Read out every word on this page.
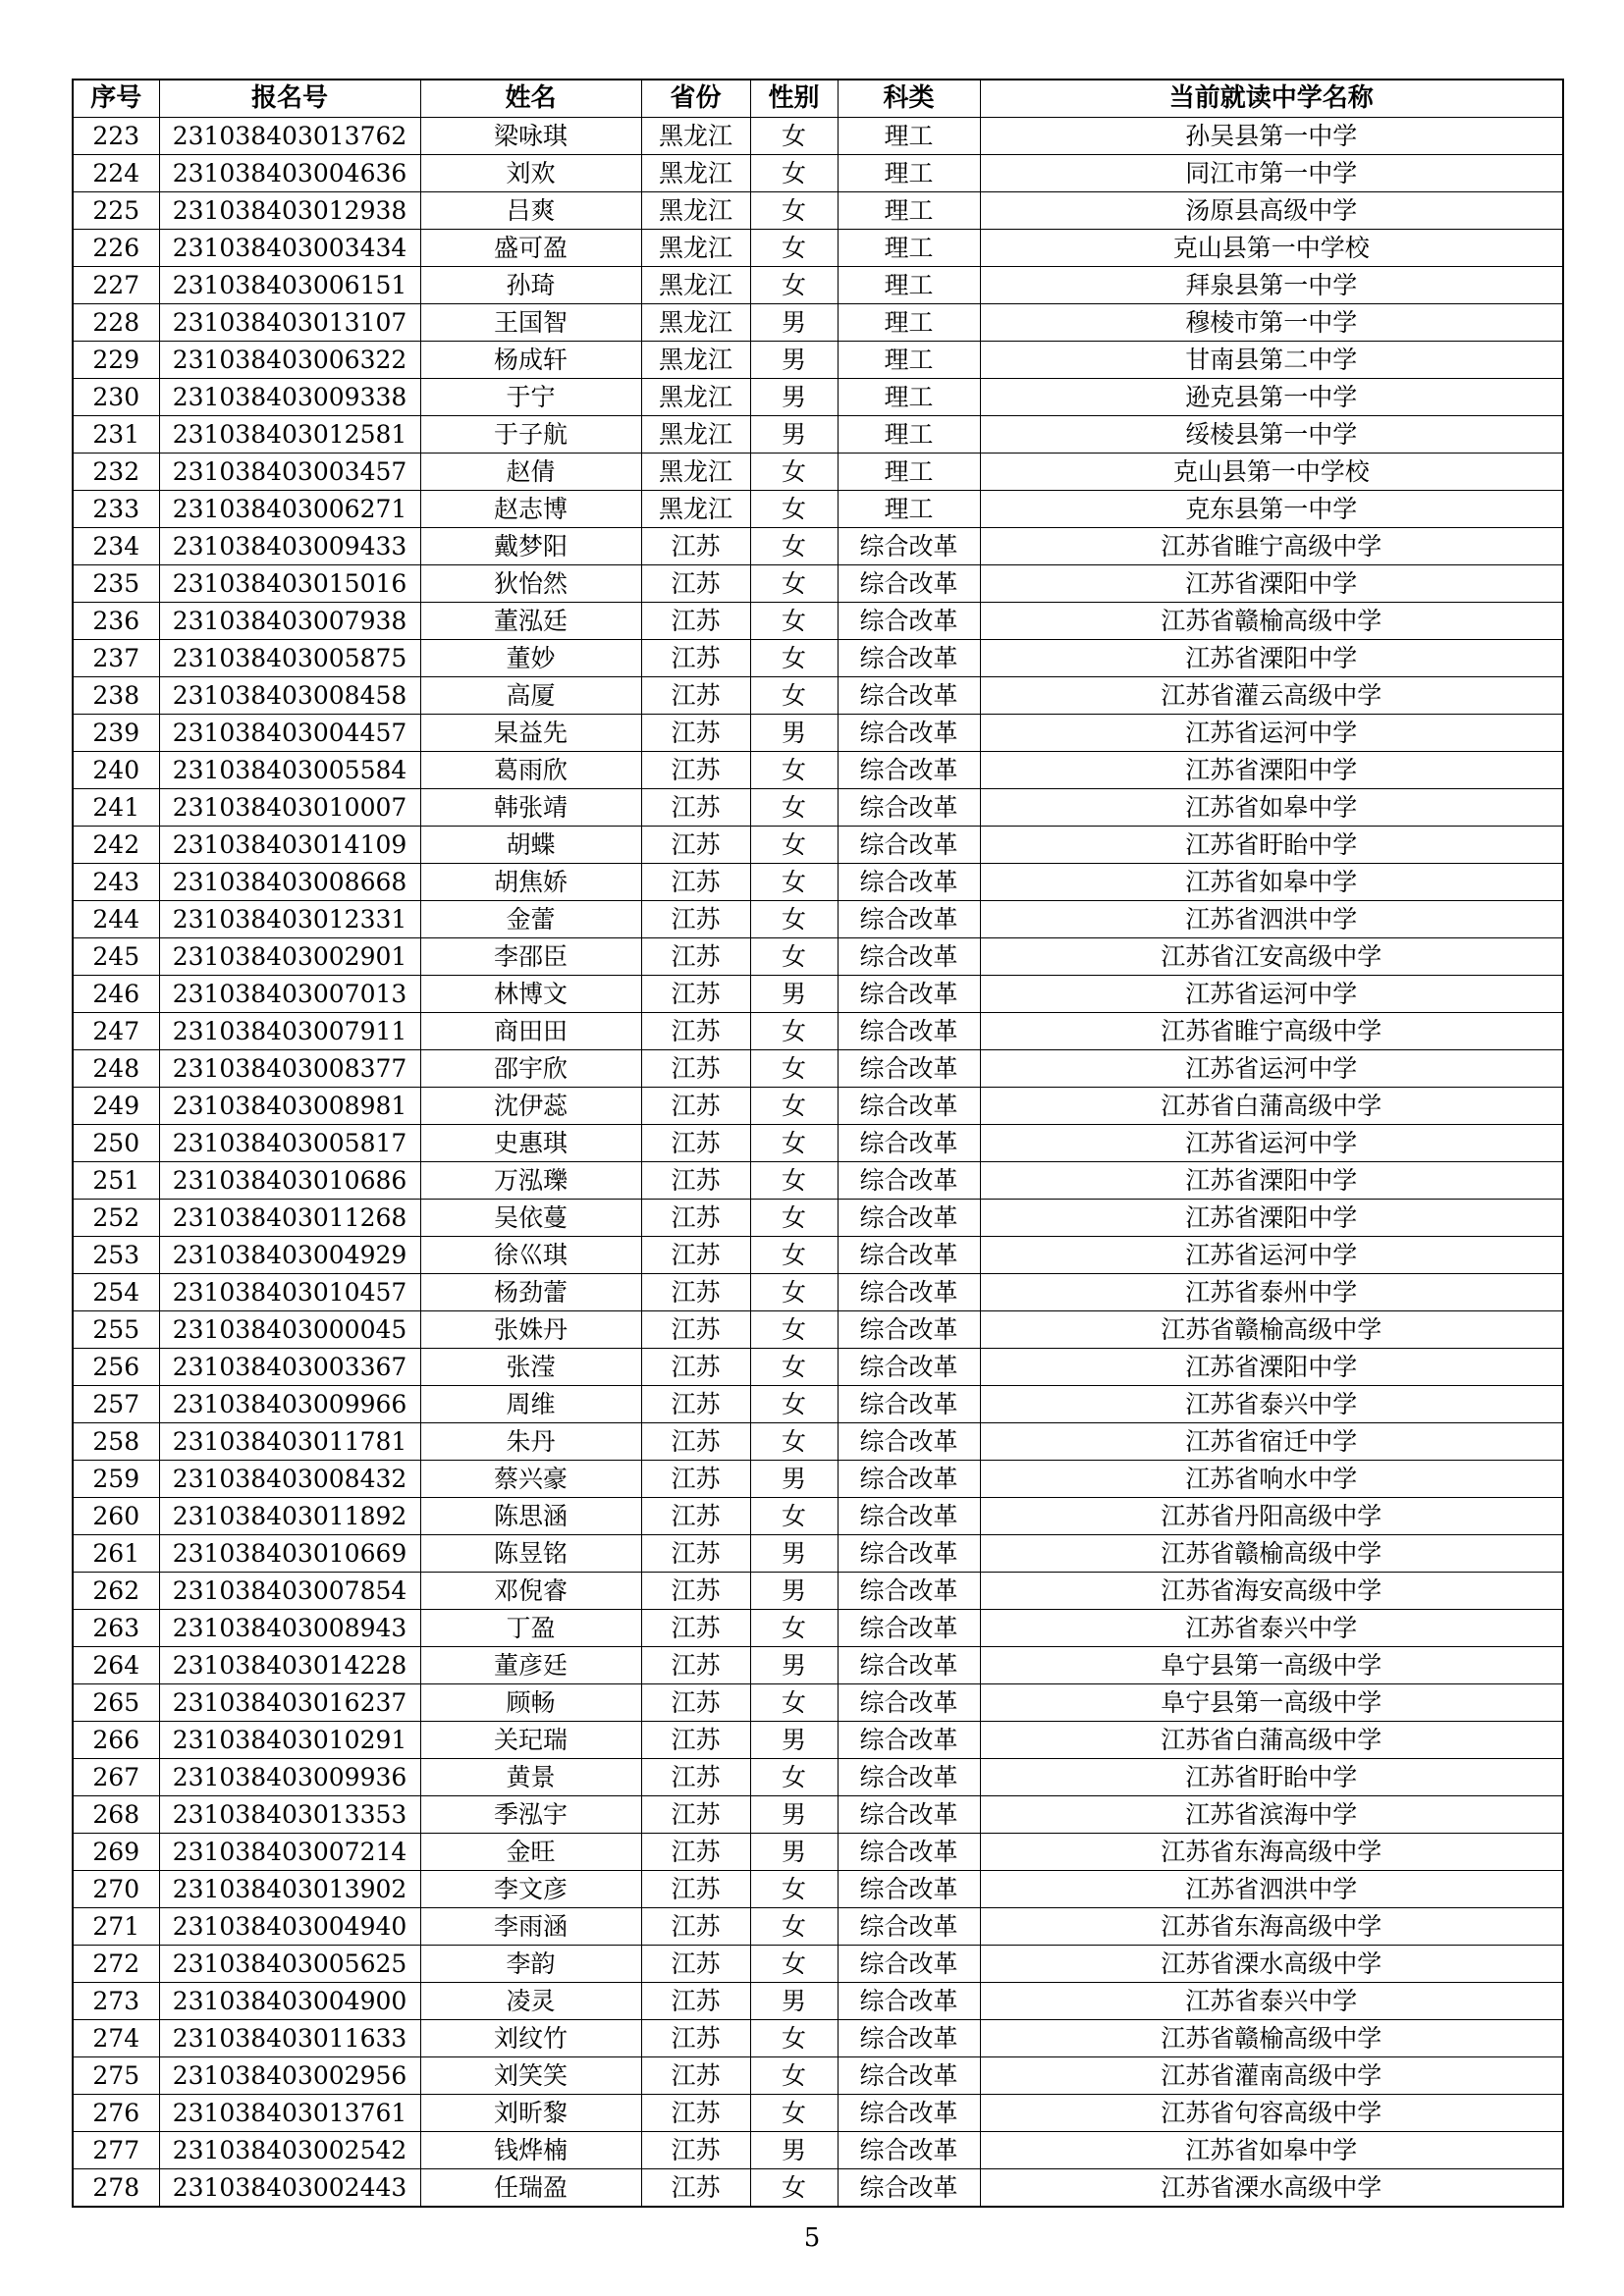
序号	报名号	姓名	省份	性别	科类	当前就读中学名称
223	231038403013762	梁咏琪	黑龙江	女	理工	孙吴县第一中学
224	231038403004636	刘欢	黑龙江	女	理工	同江市第一中学
225	231038403012938	吕爽	黑龙江	女	理工	汤原县高级中学
226	231038403003434	盛可盈	黑龙江	女	理工	克山县第一中学校
227	231038403006151	孙琦	黑龙江	女	理工	拜泉县第一中学
228	231038403013107	王国智	黑龙江	男	理工	穆棱市第一中学
229	231038403006322	杨成轩	黑龙江	男	理工	甘南县第二中学
230	231038403009338	于宁	黑龙江	男	理工	逊克县第一中学
231	231038403012581	于子航	黑龙江	男	理工	绥棱县第一中学
232	231038403003457	赵倩	黑龙江	女	理工	克山县第一中学校
233	231038403006271	赵志博	黑龙江	女	理工	克东县第一中学
234	231038403009433	戴梦阳	江苏	女	综合改革	江苏省睢宁高级中学
235	231038403015016	狄怡然	江苏	女	综合改革	江苏省溧阳中学
236	231038403007938	董泓廷	江苏	女	综合改革	江苏省赣榆高级中学
237	231038403005875	董妙	江苏	女	综合改革	江苏省溧阳中学
238	231038403008458	高厦	江苏	女	综合改革	江苏省灌云高级中学
239	231038403004457	杲益先	江苏	男	综合改革	江苏省运河中学
240	231038403005584	葛雨欣	江苏	女	综合改革	江苏省溧阳中学
241	231038403010007	韩张靖	江苏	女	综合改革	江苏省如皋中学
242	231038403014109	胡蝶	江苏	女	综合改革	江苏省盱眙中学
243	231038403008668	胡焦娇	江苏	女	综合改革	江苏省如皋中学
244	231038403012331	金蕾	江苏	女	综合改革	江苏省泗洪中学
245	231038403002901	李邵臣	江苏	女	综合改革	江苏省江安高级中学
246	231038403007013	林博文	江苏	男	综合改革	江苏省运河中学
247	231038403007911	商田田	江苏	女	综合改革	江苏省睢宁高级中学
248	231038403008377	邵宇欣	江苏	女	综合改革	江苏省运河中学
249	231038403008981	沈伊蕊	江苏	女	综合改革	江苏省白蒲高级中学
250	231038403005817	史惠琪	江苏	女	综合改革	江苏省运河中学
251	231038403010686	万泓瓅	江苏	女	综合改革	江苏省溧阳中学
252	231038403011268	吴依蔓	江苏	女	综合改革	江苏省溧阳中学
253	231038403004929	徐巛琪	江苏	女	综合改革	江苏省运河中学
254	231038403010457	杨劲蕾	江苏	女	综合改革	江苏省泰州中学
255	231038403000045	张姝丹	江苏	女	综合改革	江苏省赣榆高级中学
256	231038403003367	张滢	江苏	女	综合改革	江苏省溧阳中学
257	231038403009966	周维	江苏	女	综合改革	江苏省泰兴中学
258	231038403011781	朱丹	江苏	女	综合改革	江苏省宿迁中学
259	231038403008432	蔡兴豪	江苏	男	综合改革	江苏省响水中学
260	231038403011892	陈思涵	江苏	女	综合改革	江苏省丹阳高级中学
261	231038403010669	陈昱铭	江苏	男	综合改革	江苏省赣榆高级中学
262	231038403007854	邓倪睿	江苏	男	综合改革	江苏省海安高级中学
263	231038403008943	丁盈	江苏	女	综合改革	江苏省泰兴中学
264	231038403014228	董彦廷	江苏	男	综合改革	阜宁县第一高级中学
265	231038403016237	顾畅	江苏	女	综合改革	阜宁县第一高级中学
266	231038403010291	关玘瑞	江苏	男	综合改革	江苏省白蒲高级中学
267	231038403009936	黄景	江苏	女	综合改革	江苏省盱眙中学
268	231038403013353	季泓宇	江苏	男	综合改革	江苏省滨海中学
269	231038403007214	金旺	江苏	男	综合改革	江苏省东海高级中学
270	231038403013902	李文彦	江苏	女	综合改革	江苏省泗洪中学
271	231038403004940	李雨涵	江苏	女	综合改革	江苏省东海高级中学
272	231038403005625	李韵	江苏	女	综合改革	江苏省溧水高级中学
273	231038403004900	凌灵	江苏	男	综合改革	江苏省泰兴中学
274	231038403011633	刘纹竹	江苏	女	综合改革	江苏省赣榆高级中学
275	231038403002956	刘笑笑	江苏	女	综合改革	江苏省灌南高级中学
276	231038403013761	刘昕黎	江苏	女	综合改革	江苏省句容高级中学
277	231038403002542	钱烨楠	江苏	男	综合改革	江苏省如皋中学
278	231038403002443	任瑞盈	江苏	女	综合改革	江苏省溧水高级中学
5
